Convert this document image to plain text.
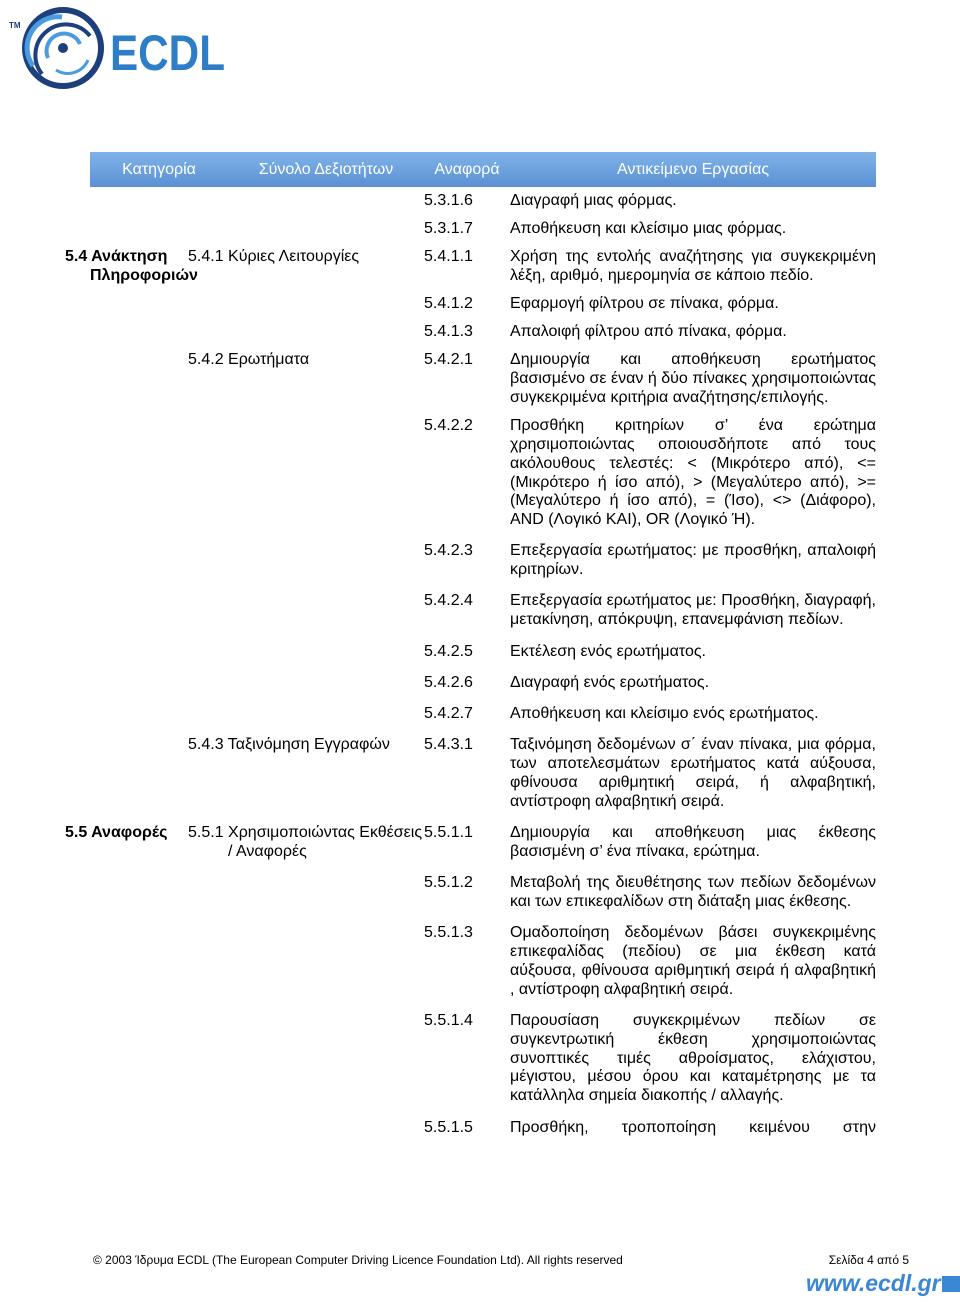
TM ECDL
Κατηγορία	Σύνολο Δεξιοτήτων	Αναφορά	Αντικείμενο Εργασίας
		5.3.1.6	Διαγραφή μιας φόρμας.
		5.3.1.7	Αποθήκευση και κλείσιμο μιας φόρμας.
5.4 Ανάκτηση Πληροφοριών	5.4.1 Κύριες Λειτουργίες	5.4.1.1	Χρήση της εντολής αναζήτησης για συγκεκριμένη λέξη, αριθμό, ημερομηνία σε κάποιο πεδίο.
		5.4.1.2	Εφαρμογή φίλτρου σε πίνακα, φόρμα.
		5.4.1.3	Απαλοιφή φίλτρου από πίνακα, φόρμα.
	5.4.2 Ερωτήματα	5.4.2.1	Δημιουργία και αποθήκευση ερωτήματος βασισμένο σε έναν ή δύο πίνακες χρησιμοποιώντας συγκεκριμένα κριτήρια αναζήτησης/επιλογής.
		5.4.2.2	Προσθήκη κριτηρίων σ’ ένα ερώτημα χρησιμοποιώντας οποιουσδήποτε από τους ακόλουθους τελεστές: < (Μικρότερο από), <= (Μικρότερο ή ίσο από), > (Μεγαλύτερο από), >= (Μεγαλύτερο ή ίσο από), = (Ίσο), <> (Διάφορο), AND (Λογικό ΚΑΙ), OR (Λογικό Ή).
		5.4.2.3	Επεξεργασία ερωτήματος: με προσθήκη, απαλοιφή κριτηρίων.
		5.4.2.4	Επεξεργασία ερωτήματος με: Προσθήκη, διαγραφή, μετακίνηση, απόκρυψη, επανεμφάνιση πεδίων.
		5.4.2.5	Εκτέλεση ενός ερωτήματος.
		5.4.2.6	Διαγραφή ενός ερωτήματος.
		5.4.2.7	Αποθήκευση και κλείσιμο ενός ερωτήματος.
	5.4.3 Ταξινόμηση Εγγραφών	5.4.3.1	Ταξινόμηση δεδομένων σ΄ έναν πίνακα, μια φόρμα, των αποτελεσμάτων ερωτήματος κατά αύξουσα, φθίνουσα αριθμητική σειρά, ή αλφαβητική, αντίστροφη αλφαβητική σειρά.
5.5 Αναφορές	5.5.1 Χρησιμοποιώντας Εκθέσεις / Αναφορές	5.5.1.1	Δημιουργία και αποθήκευση μιας έκθεσης βασισμένη σ’ ένα πίνακα, ερώτημα.
		5.5.1.2	Μεταβολή της διευθέτησης των πεδίων δεδομένων και των επικεφαλίδων στη διάταξη μιας έκθεσης.
		5.5.1.3	Ομαδοποίηση δεδομένων βάσει συγκεκριμένης επικεφαλίδας (πεδίου) σε μια έκθεση κατά αύξουσα, φθίνουσα αριθμητική σειρά ή αλφαβητική , αντίστροφη αλφαβητική σειρά.
		5.5.1.4	Παρουσίαση συγκεκριμένων πεδίων σε συγκεντρωτική έκθεση χρησιμοποιώντας συνοπτικές τιμές αθροίσματος, ελάχιστου, μέγιστου, μέσου όρου και καταμέτρησης με τα κατάλληλα σημεία διακοπής / αλλαγής.
		5.5.1.5	Προσθήκη, τροποποίηση κειμένου στην
© 2003 Ίδρυμα ECDL (The European Computer Driving Licence Foundation Ltd). All rights reserved	Σελίδα 4 από 5
www.ecdl.gr
